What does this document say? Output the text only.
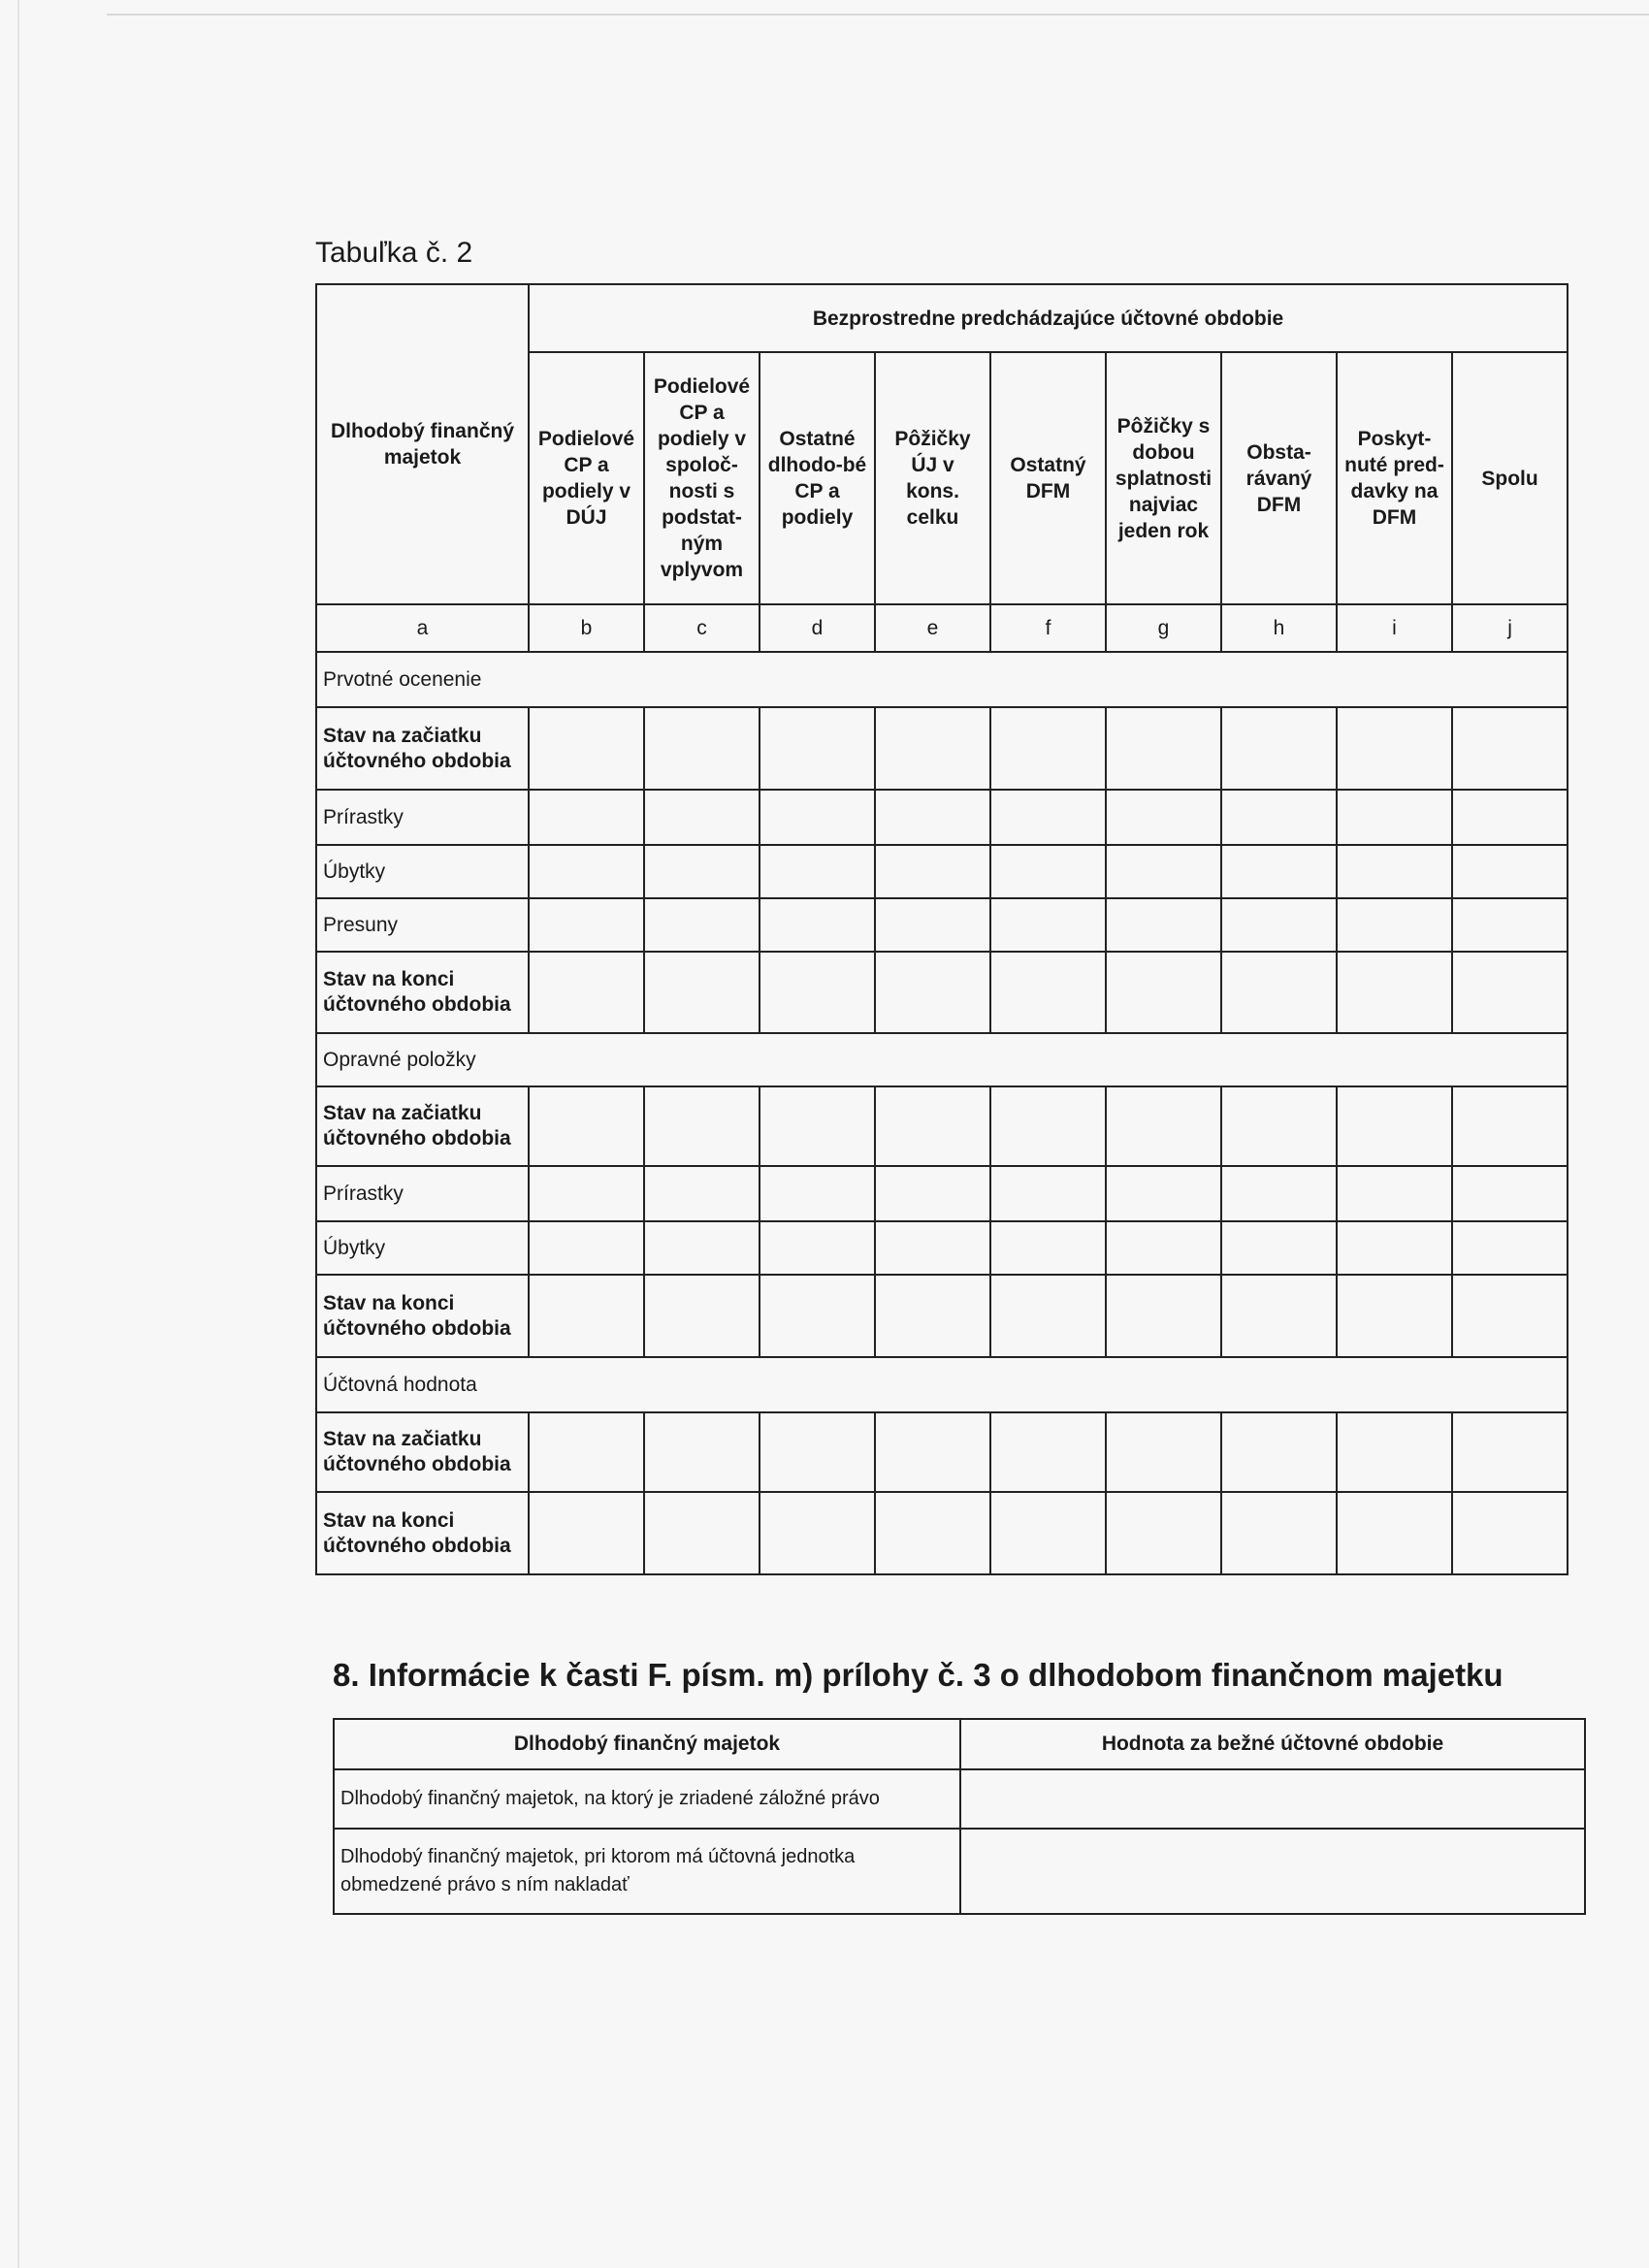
Tabuľka č. 2
Dlhodobý finančný majetok	Bezprostredne predchádzajúce účtovné obdobie								
	Podielové CP a podiely v DÚJ	Podielové CP a podiely v spoloč-nosti s podstat-ným vplyvom	Ostatné dlhodo-bé CP a podiely	Pôžičky ÚJ v kons. celku	Ostatný DFM	Pôžičky s dobou splatnosti najviac jeden rok	Obsta-rávaný DFM	Poskyt-nuté pred-davky na DFM	Spolu
a	b	c	d	e	f	g	h	i	j
Prvotné ocenenie									
Stav na začiatku účtovného obdobia									
Prírastky									
Úbytky									
Presuny									
Stav na konci účtovného obdobia									
Opravné položky									
Stav na začiatku účtovného obdobia									
Prírastky									
Úbytky									
Stav na konci účtovného obdobia									
Účtovná hodnota									
Stav na začiatku účtovného obdobia									
Stav na konci účtovného obdobia									
8. Informácie k časti F. písm. m) prílohy č. 3 o dlhodobom finančnom majetku
Dlhodobý finančný majetok	Hodnota za bežné účtovné obdobie
Dlhodobý finančný majetok, na ktorý je zriadené záložné právo	
Dlhodobý finančný majetok, pri ktorom má účtovná jednotka obmedzené právo s ním nakladať	
